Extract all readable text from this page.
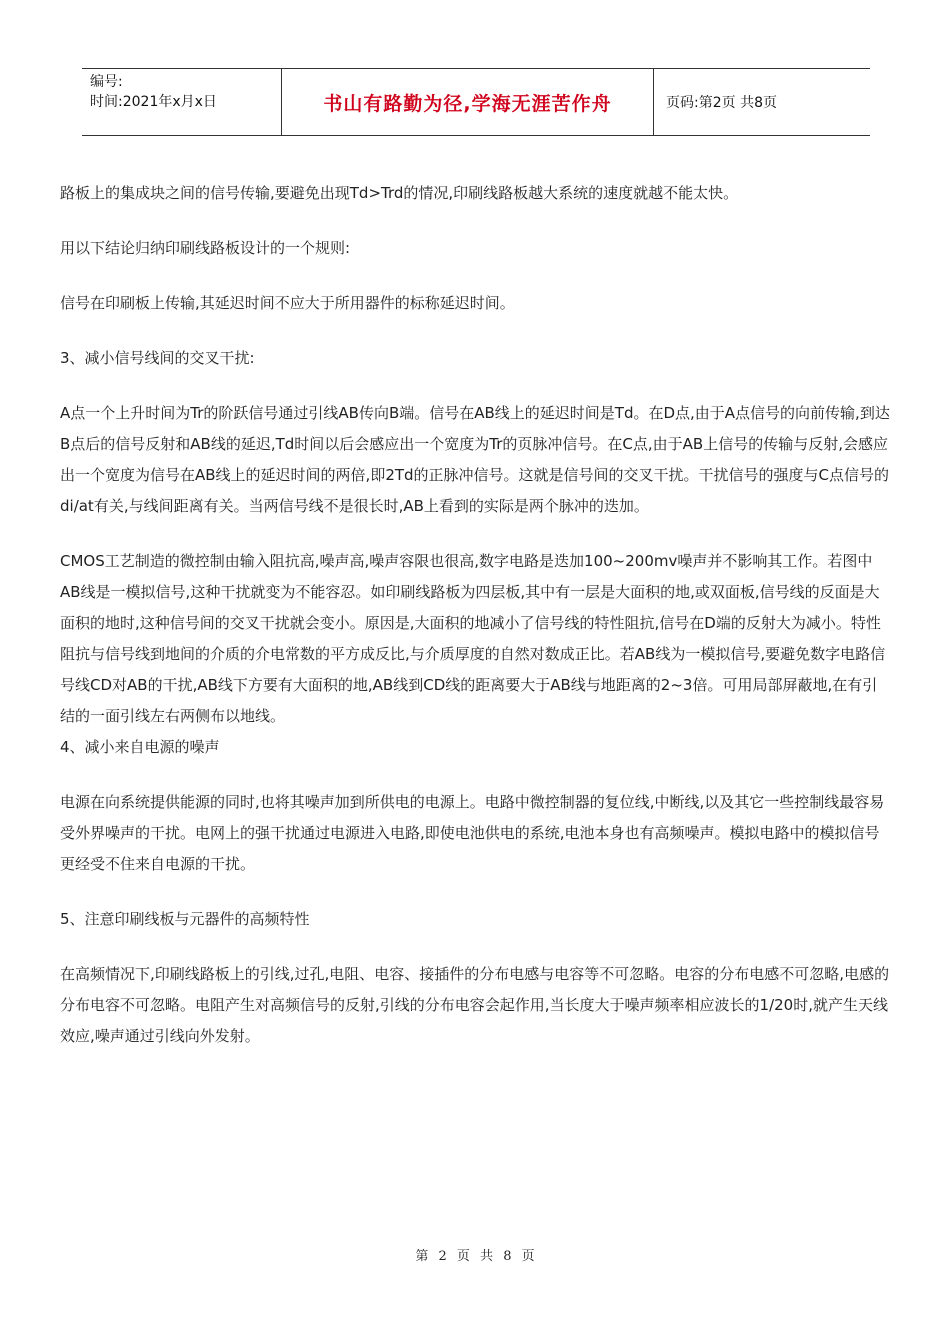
编号:
时间:2021年x月x日	书山有路勤为径,学海无涯苦作舟	页码:第2页 共8页

路板上的集成块之间的信号传输,要避免出现Td>Trd的情况,印刷线路板越大系统的速度就越不能太快。

用以下结论归纳印刷线路板设计的一个规则:

信号在印刷板上传输,其延迟时间不应大于所用器件的标称延迟时间。

3、减小信号线间的交叉干扰:

A点一个上升时间为Tr的阶跃信号通过引线AB传向B端。信号在AB线上的延迟时间是Td。在D点,由于A点信号的向前传输,到达B点后的信号反射和AB线的延迟,Td时间以后会感应出一个宽度为Tr的页脉冲信号。在C点,由于AB上信号的传输与反射,会感应出一个宽度为信号在AB线上的延迟时间的两倍,即2Td的正脉冲信号。这就是信号间的交叉干扰。干扰信号的强度与C点信号的di/at有关,与线间距离有关。当两信号线不是很长时,AB上看到的实际是两个脉冲的迭加。

CMOS工艺制造的微控制由输入阻抗高,噪声高,噪声容限也很高,数字电路是迭加100~200mv噪声并不影响其工作。若图中AB线是一模拟信号,这种干扰就变为不能容忍。如印刷线路板为四层板,其中有一层是大面积的地,或双面板,信号线的反面是大面积的地时,这种信号间的交叉干扰就会变小。原因是,大面积的地减小了信号线的特性阻抗,信号在D端的反射大为减小。特性阻抗与信号线到地间的介质的介电常数的平方成反比,与介质厚度的自然对数成正比。若AB线为一模拟信号,要避免数字电路信号线CD对AB的干扰,AB线下方要有大面积的地,AB线到CD线的距离要大于AB线与地距离的2~3倍。可用局部屏蔽地,在有引结的一面引线左右两侧布以地线。

4、减小来自电源的噪声

电源在向系统提供能源的同时,也将其噪声加到所供电的电源上。电路中微控制器的复位线,中断线,以及其它一些控制线最容易受外界噪声的干扰。电网上的强干扰通过电源进入电路,即使电池供电的系统,电池本身也有高频噪声。模拟电路中的模拟信号更经受不住来自电源的干扰。

5、注意印刷线板与元器件的高频特性

在高频情况下,印刷线路板上的引线,过孔,电阻、电容、接插件的分布电感与电容等不可忽略。电容的分布电感不可忽略,电感的分布电容不可忽略。电阻产生对高频信号的反射,引线的分布电容会起作用,当长度大于噪声频率相应波长的1/20时,就产生天线效应,噪声通过引线向外发射。

第 2 页 共 8 页
